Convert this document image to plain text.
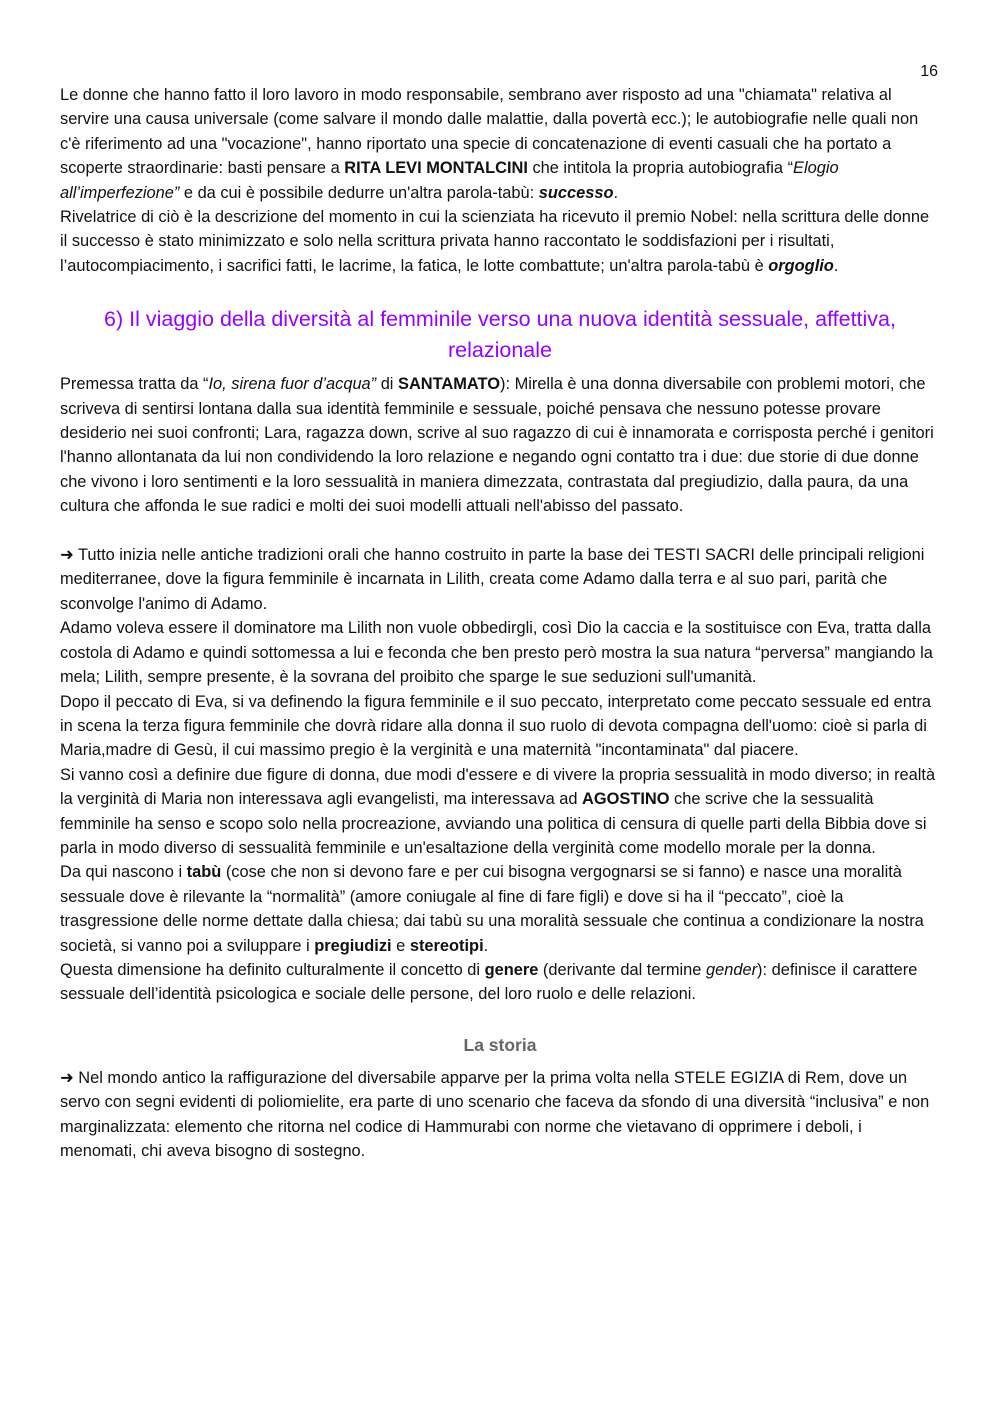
16

Le donne che hanno fatto il loro lavoro in modo responsabile, sembrano aver risposto ad una "chiamata" relativa al servire una causa universale (come salvare il mondo dalle malattie, dalla povertà ecc.); le autobiografie nelle quali non c'è riferimento ad una "vocazione", hanno riportato una specie di concatenazione di eventi casuali che ha portato a scoperte straordinarie: basti pensare a RITA LEVI MONTALCINI che intitola la propria autobiografia “Elogio all’imperfezione” e da cui è possibile dedurre un'altra parola-tabù: successo.

Rivelatrice di ciò è la descrizione del momento in cui la scienziata ha ricevuto il premio Nobel: nella scrittura delle donne il successo è stato minimizzato e solo nella scrittura privata hanno raccontato le soddisfazioni per i risultati, l’autocompiacimento, i sacrifici fatti, le lacrime, la fatica, le lotte combattute; un'altra parola-tabù è orgoglio.

6) Il viaggio della diversità al femminile verso una nuova identità sessuale, affettiva, relazionale

Premessa tratta da “Io, sirena fuor d’acqua” di SANTAMATO): Mirella è una donna diversabile con problemi motori, che scriveva di sentirsi lontana dalla sua identità femminile e sessuale, poiché pensava che nessuno potesse provare desiderio nei suoi confronti; Lara, ragazza down, scrive al suo ragazzo di cui è innamorata e corrisposta perché i genitori l'hanno allontanata da lui non condividendo la loro relazione e negando ogni contatto tra i due: due storie di due donne che vivono i loro sentimenti e la loro sessualità in maniera dimezzata, contrastata dal pregiudizio, dalla paura, da una cultura che affonda le sue radici e molti dei suoi modelli attuali nell'abisso del passato.

➜ Tutto inizia nelle antiche tradizioni orali che hanno costruito in parte la base dei TESTI SACRI delle principali religioni mediterranee, dove la figura femminile è incarnata in Lilith, creata come Adamo dalla terra e al suo pari, parità che sconvolge l'animo di Adamo.

Adamo voleva essere il dominatore ma Lilith non vuole obbedirgli, così Dio la caccia e la sostituisce con Eva, tratta dalla costola di Adamo e quindi sottomessa a lui e feconda che ben presto però mostra la sua natura “perversa” mangiando la mela; Lilith, sempre presente, è la sovrana del proibito che sparge le sue seduzioni sull'umanità.

Dopo il peccato di Eva, si va definendo la figura femminile e il suo peccato, interpretato come peccato sessuale ed entra in scena la terza figura femminile che dovrà ridare alla donna il suo ruolo di devota compagna dell'uomo: cioè si parla di Maria,madre di Gesù, il cui massimo pregio è la verginità e una maternità "incontaminata" dal piacere.

Si vanno così a definire due figure di donna, due modi d'essere e di vivere la propria sessualità in modo diverso; in realtà la verginità di Maria non interessava agli evangelisti, ma interessava ad AGOSTINO che scrive che la sessualità femminile ha senso e scopo solo nella procreazione, avviando una politica di censura di quelle parti della Bibbia dove si parla in modo diverso di sessualità femminile e un'esaltazione della verginità come modello morale per la donna.

Da qui nascono i tabù (cose che non si devono fare e per cui bisogna vergognarsi se si fanno) e nasce una moralità sessuale dove è rilevante la “normalità” (amore coniugale al fine di fare figli) e dove si ha il “peccato”, cioè la trasgressione delle norme dettate dalla chiesa; dai tabù su una moralità sessuale che continua a condizionare la nostra società, si vanno poi a sviluppare i pregiudizi e stereotipi.

Questa dimensione ha definito culturalmente il concetto di genere (derivante dal termine gender): definisce il carattere sessuale dell’identità psicologica e sociale delle persone, del loro ruolo e delle relazioni.

La storia

➜ Nel mondo antico la raffigurazione del diversabile apparve per la prima volta nella STELE EGIZIA di Rem, dove un servo con segni evidenti di poliomielite, era parte di uno scenario che faceva da sfondo di una diversità “inclusiva” e non marginalizzata: elemento che ritorna nel codice di Hammurabi con norme che vietavano di opprimere i deboli, i menomati, chi aveva bisogno di sostegno.
